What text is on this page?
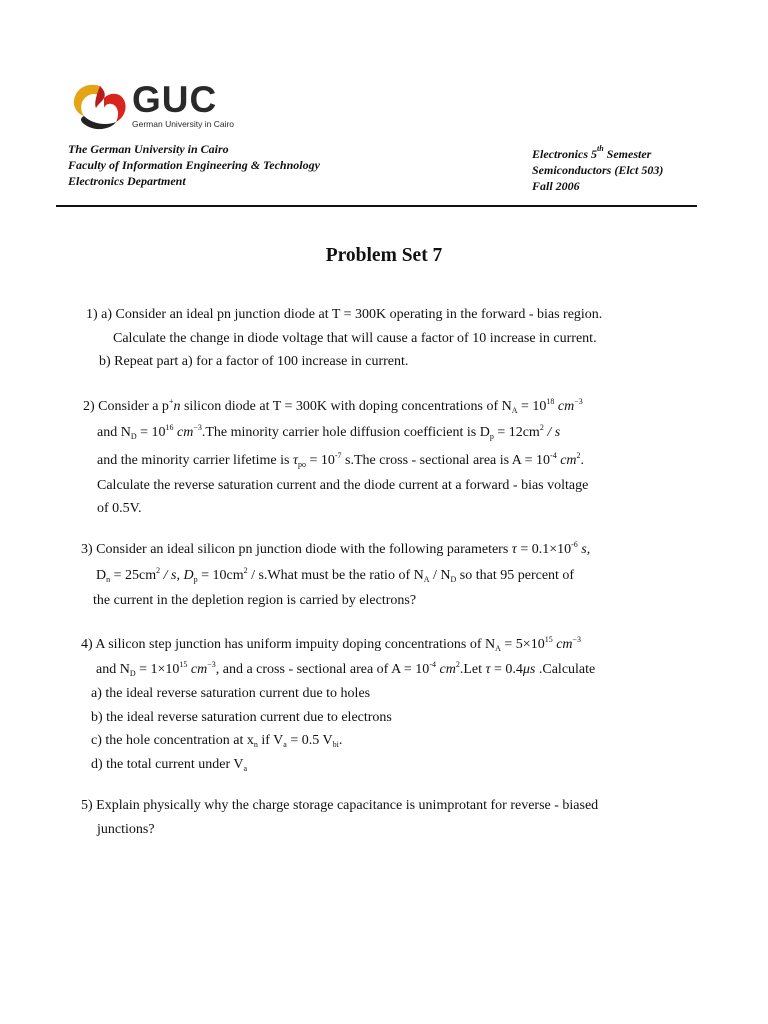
GUC
German University in Cairo
The German University in Cairo
Faculty of Information Engineering & Technology
Electronics Department
Electronics 5th Semester
Semiconductors (Elct 503)
Fall 2006
Problem Set 7
1) a) Consider an ideal pn junction diode at T = 300K operating in the forward - bias region.
Calculate the change in diode voltage that will cause a factor of 10 increase in current.
b) Repeat part a) for a factor of 100 increase in current.
2) Consider a p+n silicon diode at T = 300K with doping concentrations of $N_A = 10^{18}$ $cm^{-3}$
and $N_D = 10^{16}$ $cm^{-3}.The$ minority carrier hole diffusion coefficient is $D_p = 12cm^2 / s$
and the minority carrier lifetime is $\tau_{po} = 10^{-7}$ s.The cross - sectional area is $A = 10^{-4}$ $cm^2$.
Calculate the reverse saturation current and the diode current at a forward - bias voltage
of 0.5V.
3) Consider an ideal silicon pn junction diode with the following parameters $\tau = 0.1\times 10^{-6}$ s,
$D_n = 25cm^2 / s$, $D_p = 10cm^2$ / s.What must be the ratio of $N_A / N_D$ so that 95 percent of
the current in the depletion region is carried by electrons?
4) A silicon step junction has uniform impuity doping concentrations of $N_A = 5\times 10^{15}$ $cm^{-3}$
and $N_D = 1\times 10^{15}$ $cm^{-3}$, and a cross - sectional area of $A = 10^{-4}$ $cm^2.Let$ τ = 0.4μs .Calculate
a) the ideal reverse saturation current due to holes
b) the ideal reverse saturation current due to electrons
c) the hole concentration at $x_n$ if $V_a = 0.5$ $V_{bi}$.
d) the total current under $V_a$
5) Explain physically why the charge storage capacitance is unimprotant for reverse - biased
junctions?
